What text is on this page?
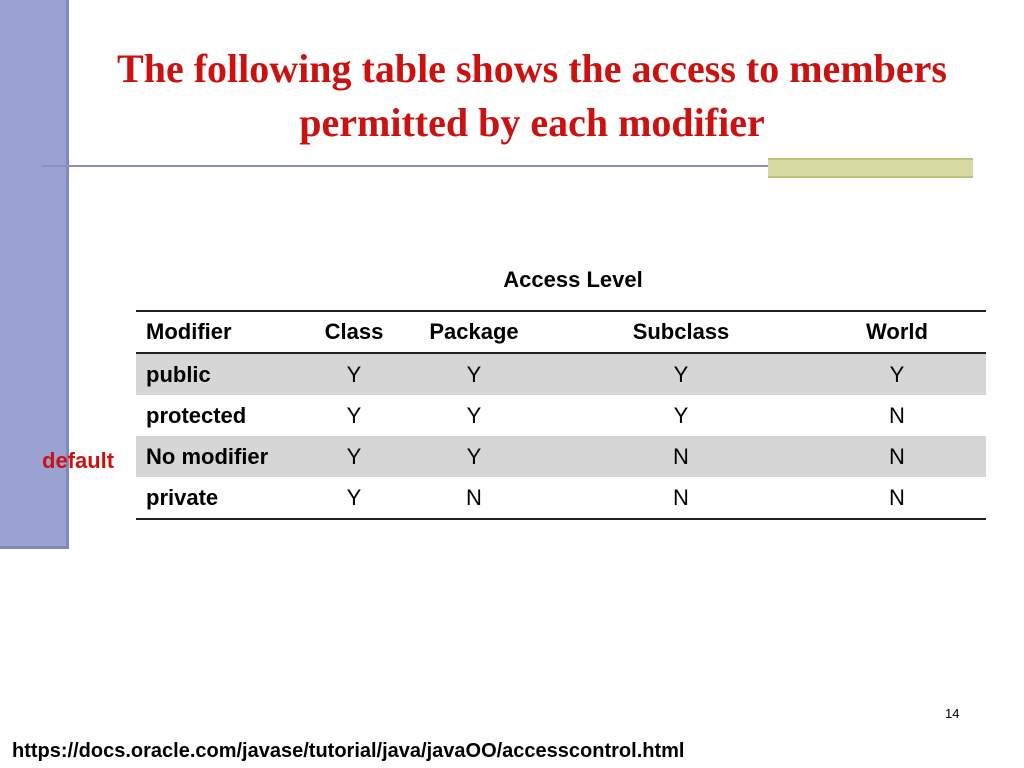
The following table shows the access to members permitted by each modifier
Access Level
Modifier	Class	Package	Subclass	World
public	Y	Y	Y	Y
protected	Y	Y	Y	N
No modifier	Y	Y	N	N
private	Y	N	N	N
default
14
https://docs.oracle.com/javase/tutorial/java/javaOO/accesscontrol.html
